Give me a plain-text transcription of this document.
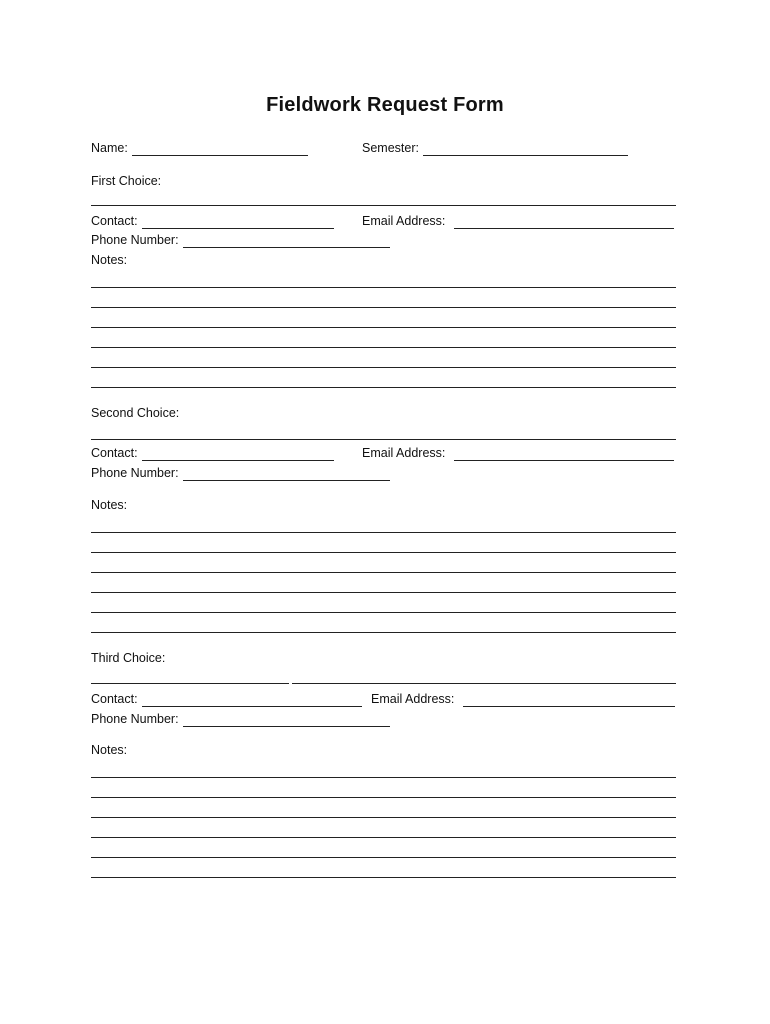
Fieldwork Request Form
Name:	Semester:
First Choice:
Contact:	Email Address:
Phone Number:
Notes:
Second Choice:
Contact:	Email Address:
Phone Number:
Notes:
Third Choice:
Contact:	Email Address:
Phone Number:
Notes:
